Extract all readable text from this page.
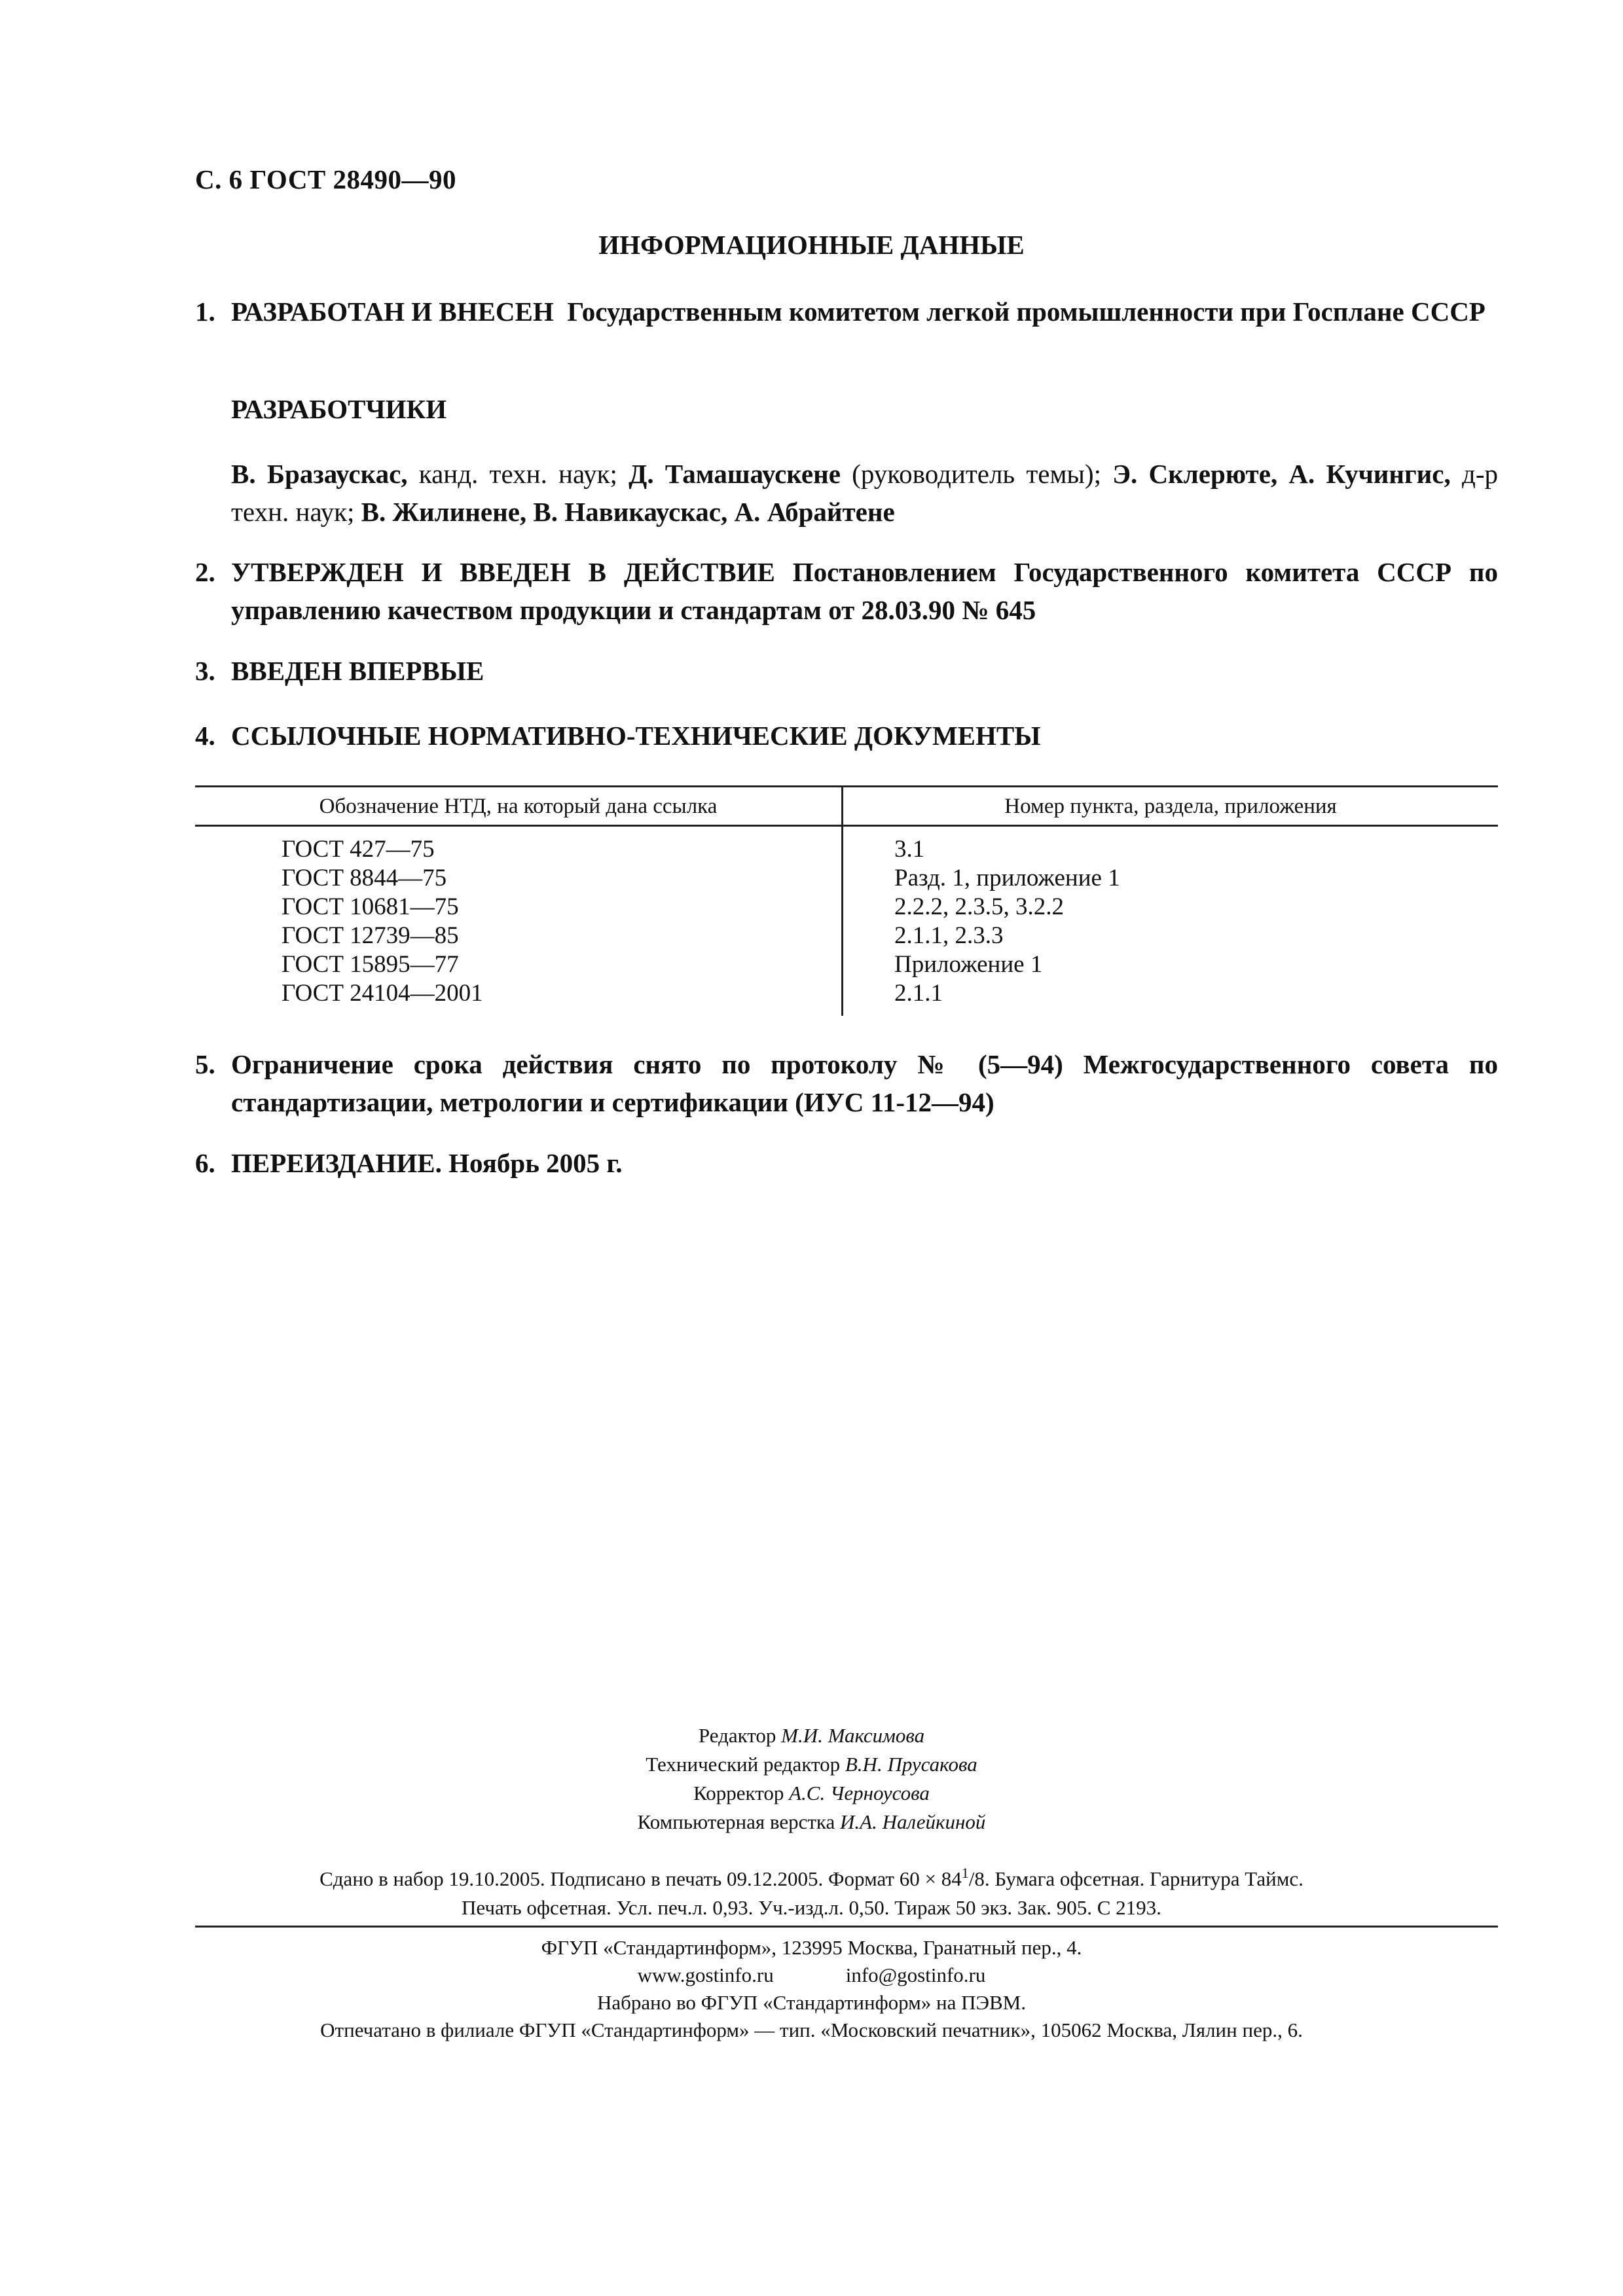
С. 6 ГОСТ 28490—90
ИНФОРМАЦИОННЫЕ ДАННЫЕ
1. РАЗРАБОТАН И ВНЕСЕН Государственным комитетом легкой промышленности при Госплане СССР
РАЗРАБОТЧИКИ
В. Бразаускас, канд. техн. наук; Д. Тамашаускене (руководитель темы); Э. Склерюте, А. Кучингис, д-р техн. наук; В. Жилинене, В. Навикаускас, А. Абрайтене
2. УТВЕРЖДЕН И ВВЕДЕН В ДЕЙСТВИЕ Постановлением Государственного комитета СССР по управлению качеством продукции и стандартам от 28.03.90 № 645
3. ВВЕДЕН ВПЕРВЫЕ
4. ССЫЛОЧНЫЕ НОРМАТИВНО-ТЕХНИЧЕСКИЕ ДОКУМЕНТЫ
Обозначение НТД, на который дана ссылка	Номер пункта, раздела, приложения
ГОСТ 427—75
ГОСТ 8844—75
ГОСТ 10681—75
ГОСТ 12739—85
ГОСТ 15895—77
ГОСТ 24104—2001
3.1
Разд. 1, приложение 1
2.2.2, 2.3.5, 3.2.2
2.1.1, 2.3.3
Приложение 1
2.1.1
5. Ограничение срока действия снято по протоколу № (5—94) Межгосударственного совета по стандартизации, метрологии и сертификации (ИУС 11-12—94)
6. ПЕРЕИЗДАНИЕ. Ноябрь 2005 г.
Редактор М.И. Максимова
Технический редактор В.Н. Прусакова
Корректор А.С. Черноусова
Компьютерная верстка И.А. Налейкиной
Сдано в набор 19.10.2005. Подписано в печать 09.12.2005. Формат $60 \times 84^1/8$. Бумага офсетная. Гарнитура Таймс.
Печать офсетная. Усл. печ.л. 0,93. Уч.-изд.л. 0,50. Тираж 50 экз. Зак. 905. С 2193.
ФГУП «Стандартинформ», 123995 Москва, Гранатный пер., 4.
www.gostinfo.ru	info@gostinfo.ru
Набрано во ФГУП «Стандартинформ» на ПЭВМ.
Отпечатано в филиале ФГУП «Стандартинформ» — тип. «Московский печатник», 105062 Москва, Лялин пер., 6.
